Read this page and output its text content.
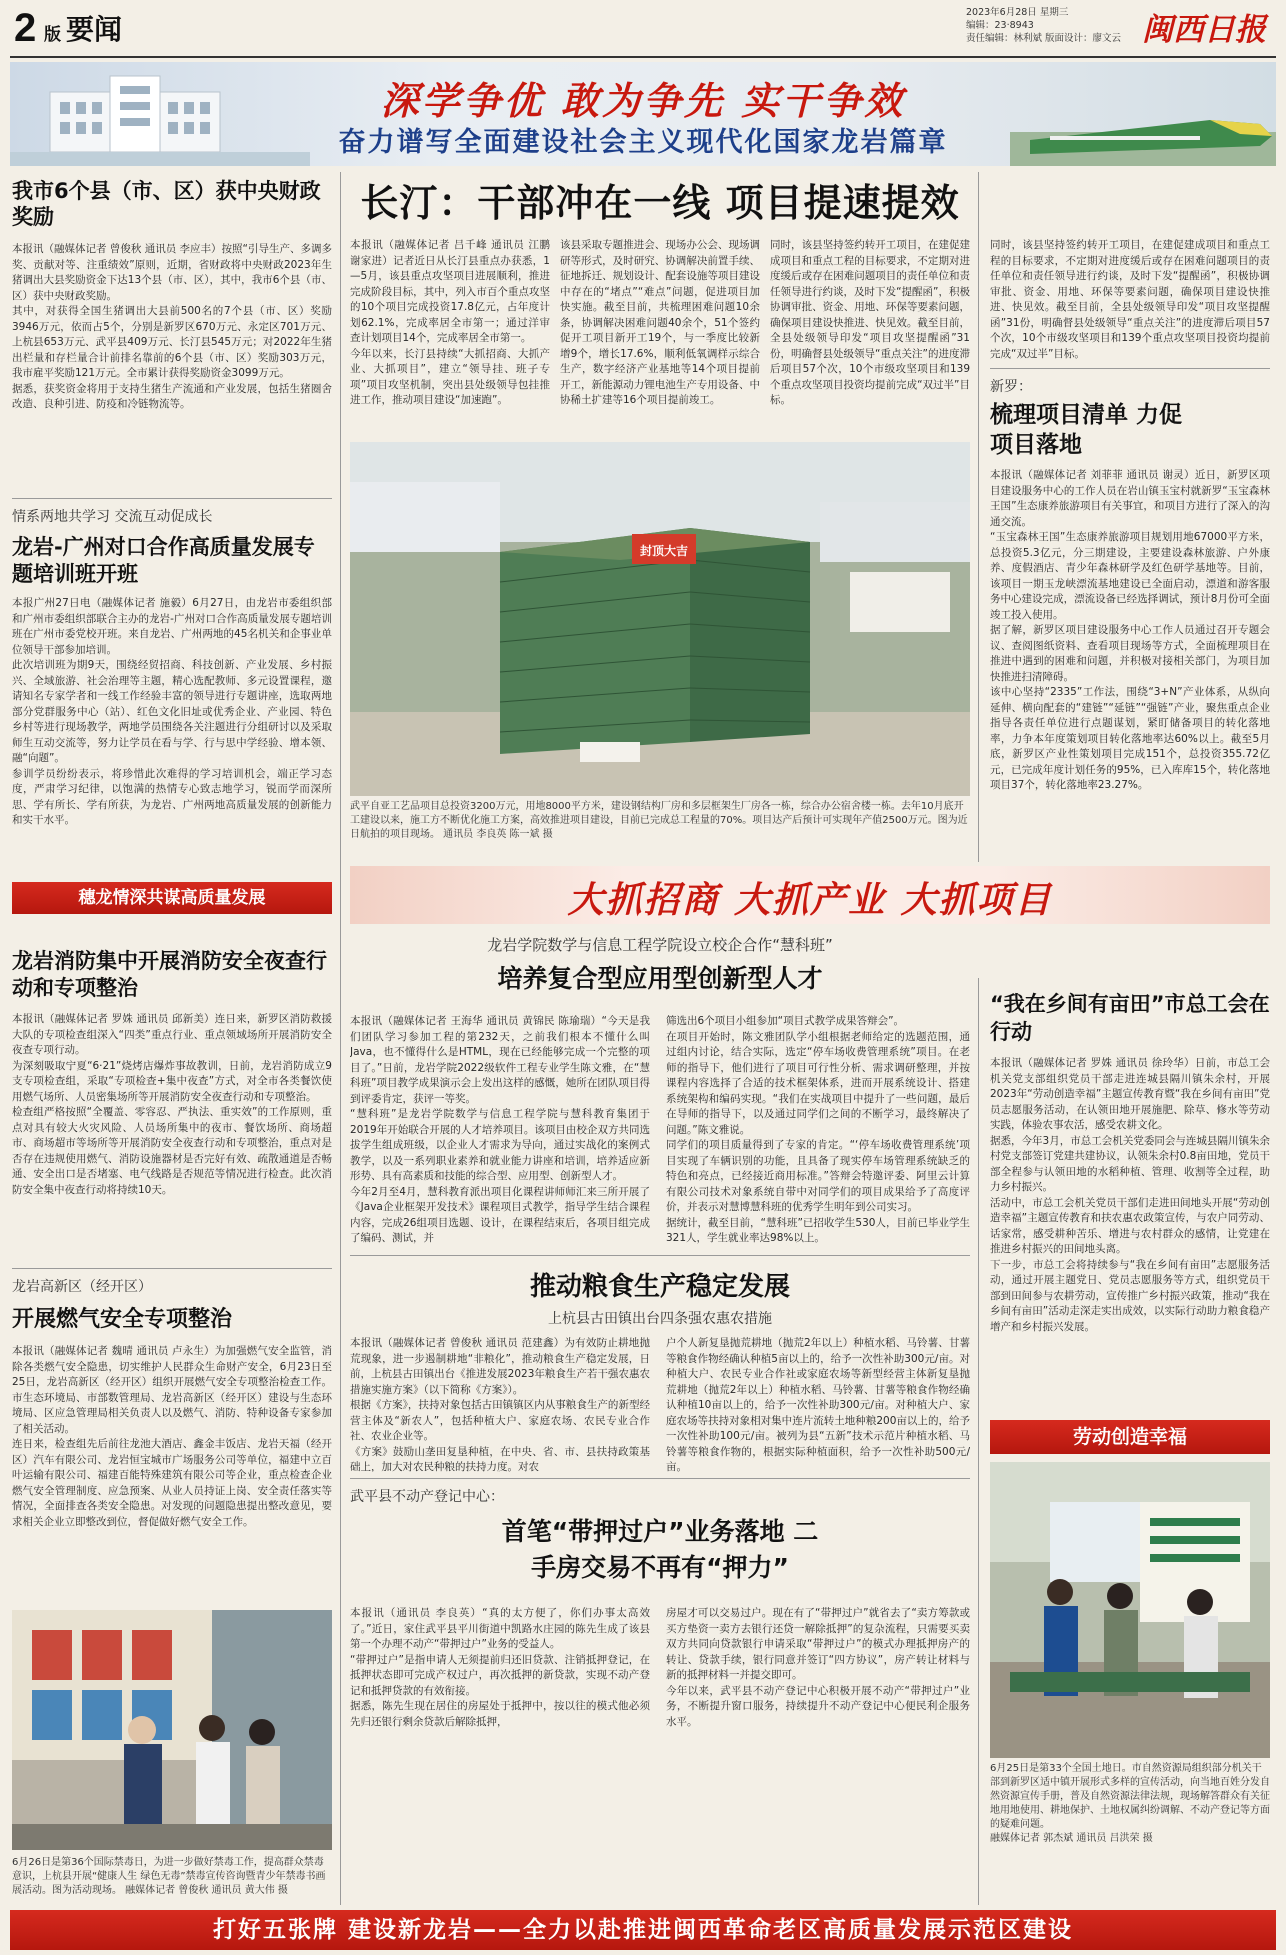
2 版 要闻
2023年6月28日 星期三
编辑：23·8943
责任编辑：林利斌 版面设计：廖文云 闽西日报
深学争优 敢为争先 实干争效
奋力谱写全面建设社会主义现代化国家龙岩篇章
我市6个县（市、区）获中央财政奖励
本报讯（融媒体记者 曾俊秋 通讯员 李应丰）按照“引导生产、多调多奖、贡献对等、注重绩效”原则，近期，省财政将中央财政2023年生猪调出大县奖励资金下达13个县（市、区），其中，我市6个县（市、区）获中央财政奖励。
其中，对获得全国生猪调出大县前500名的7个县（市、区）奖励3946万元，依而占5个，分别是新罗区670万元、永定区701万元、上杭县653万元、武平县409万元、长汀县545万元；对2022年生猪出栏量和存栏量合计前排名靠前的6个县（市、区）奖励303万元，我市雇平奖励121万元。全市累计获得奖励资金3099万元。
据悉，获奖资金将用于支持生猪生产流通和产业发展，包括生猪圈舍改造、良种引进、防疫和冷链物流等。
情系两地共学习 交流互动促成长
龙岩-广州对口合作高质量发展专题培训班开班
本报广州27日电（融媒体记者 施毅）6月27日，由龙岩市委组织部和广州市委组织部联合主办的龙岩-广州对口合作高质量发展专题培训班在广州市委党校开班。来自龙岩、广州两地的45名机关和企事业单位领导干部参加培训。
此次培训班为期9天，围绕经贸招商、科技创新、产业发展、乡村振兴、全域旅游、社会治理等主题，精心选配教师、多元设置课程，邀请知名专家学者和一线工作经验丰富的领导进行专题讲座，选取两地部分党群服务中心（站）、红色文化旧址或优秀企业、产业园、特色乡村等进行现场教学，两地学员围绕各关注题进行分组研讨以及采取师生互动交流等，努力让学员在看与学、行与思中学经验、增本领、融“向题”。
参训学员纷纷表示，将珍惜此次难得的学习培训机会，端正学习态度，严肃学习纪律，以饱满的热情专心致志地学习，锐而学而深所思、学有所长、学有所获，为龙岩、广州两地高质量发展的创新能力和实干水平。
穗龙情深共谋高质量发展
龙岩消防集中开展消防安全夜查行动和专项整治
本报讯（融媒体记者 罗姝 通讯员 邱新美）连日来，新罗区消防救援大队的专项检查组深入“四类”重点行业、重点领域场所开展消防安全夜查专项行动。
为深刻吸取宁夏“6·21”烧烤店爆炸事故教训，日前，龙岩消防成立9支专项检查组，采取“专项检查+集中夜查”方式，对全市各类餐饮使用燃气场所、人员密集场所等开展消防安全夜查行动和专项整治。
检查组严格按照“全覆盖、零容忍、严执法、重实效”的工作原则，重点对具有较大火灾风险、人员场所集中的夜市、餐饮场所、商场超市、商场超市等场所等开展消防安全夜查行动和专项整治，重点对是否存在违规使用燃气、消防设施器材是否完好有效、疏散通道是否畅通、安全出口是否堵塞、电气线路是否规范等情况进行检查。此次消防安全集中夜查行动将持续10天。
龙岩高新区（经开区）
开展燃气安全专项整治
本报讯（融媒体记者 魏晴 通讯员 卢永生）为加强燃气安全监管，消除各类燃气安全隐患，切实维护人民群众生命财产安全，6月23日至25日，龙岩高新区（经开区）组织开展燃气安全专项整治检查工作。市生态环境局、市部数管理局、龙岩高新区（经开区）建设与生态环境局、区应急管理局相关负责人以及燃气、消防、特种设备专家参加了相关活动。
连日来，检查组先后前往龙池大酒店、鑫金丰饭店、龙岩天福（经开区）汽车有限公司、龙岩恒宝城市广场服务公司等单位，福建中立百叶运输有限公司、福建百能特殊建筑有限公司等企业，重点检查企业燃气安全管理制度、应急预案、从业人员持证上岗、安全责任落实等情况，全面排查各类安全隐患。对发现的问题隐患提出整改意见，要求相关企业立即整改到位，督促做好燃气安全工作。
6月26日是第36个国际禁毒日，为进一步做好禁毒工作，提高群众禁毒意识，上杭县开展“健康人生 绿色无毒”禁毒宣传咨询暨青少年禁毒书画展活动。图为活动现场。 融媒体记者 曾俊秋 通讯员 黄大伟 摄
长汀：干部冲在一线 项目提速提效
本报讯（融媒体记者 吕千峰 通讯员 江鹏 谢家进）记者近日从长汀县重点办获悉，1—5月，该县重点攻坚项目进展顺利，推进完成阶段目标，其中，列入市百个重点攻坚的10个项目完成投资17.8亿元，占年度计划62.1%，完成率居全市第一；通过洋审查计划项目14个，完成率居全市第一。
今年以来，长汀县持续“大抓招商、大抓产业、大抓项目”，建立“领导挂、班子专项”项目攻坚机制，突出县处级领导包挂推进工作，推动项目建设“加速跑”。
该县采取专题推进会、现场办公会、现场调研等形式，及时研究、协调解决前置手续、征地拆迁、规划设计、配套设施等项目建设中存在的“堵点”“难点”问题，促进项目加快实施。截至目前，共梳理困难问题10余条，协调解决困难问题40余个，51个签约促开工项目新开工19个，与一季度比较新增9个，增长17.6%，顺利低氧调样示综合生产，数字经济产业基地等14个项目提前开工，新能源动力锂电池生产专用设备、中协稀土扩建等16个项目提前竣工。
同时，该县坚持签约转开工项目，在建促建成项目和重点工程的目标要求，不定期对进度缓后或存在困难问题项目的责任单位和责任领导进行约谈，及时下发“提醒函”，积极协调审批、资金、用地、环保等要素问题，确保项目建设快推进、快见效。截至目前，全县处级领导印发“项目攻坚提醒函”31份，明确督县处级领导“重点关注”的进度滞后项目57个次，10个市级攻坚项目和139个重点攻坚项目投资均提前完成“双过半”目标。
同时，该县坚持签约转开工项目，在建促建成项目和重点工程的目标要求，不定期对进度缓后或存在困难问题项目的责任单位和责任领导进行约谈，及时下发“提醒函”，积极协调审批、资金、用地、环保等要素问题，确保项目建设快推进、快见效。截至目前，全县处级领导印发“项目攻坚提醒函”31份，明确督县处级领导“重点关注”的进度滞后项目57个次，10个市级攻坚项目和139个重点攻坚项目投资均提前完成“双过半”目标。
封顶大吉
武平自亚工艺品项目总投资3200万元，用地8000平方米，建设钢结构厂房和多层框架生厂房各一栋，综合办公宿舍楼一栋。去年10月底开工建设以来，施工方不断优化施工方案，高效推进项目建设，目前已完成总工程量的70%。项目达产后预计可实现年产值2500万元。图为近日航拍的项目现场。 通讯员 李良英 陈一斌 摄
新罗：
梳理项目清单 力促项目落地
本报讯（融媒体记者 刘菲菲 通讯员 谢灵）近日，新罗区项目建设服务中心的工作人员在岩山镇玉宝村就新罗“玉宝森林王国”生态康养旅游项目有关事宜，和项目方进行了深入的沟通交流。
“玉宝森林王国”生态康养旅游项目规划用地67000平方米，总投资5.3亿元，分三期建设，主要建设森林旅游、户外康养、度假酒店、青少年森林研学及红色研学基地等。目前，该项目一期玉龙峡漂流基地建设已全面启动，漂道和游客服务中心建设完成，漂流设备已经选择调试，预计8月份可全面竣工投入使用。
据了解，新罗区项目建设服务中心工作人员通过召开专题会议、查阅图纸资料、查看项目现场等方式，全面梳理项目在推进中遇到的困难和问题，并积极对接相关部门，为项目加快推进扫清障碍。
该中心坚持“2335”工作法，围绕“3+N”产业体系，从纵向延伸、横向配套的“建链”“延链”“强链”产业，聚焦重点企业指导各责任单位进行点题谋划，紧盯储备项目的转化落地率，力争本年度策划项目转化落地率达60%以上。截至5月底，新罗区产业性策划项目完成151个，总投资355.72亿元，已完成年度计划任务的95%，已入库库15个，转化落地项目37个，转化落地率23.27%。
大抓招商 大抓产业 大抓项目
龙岩学院数学与信息工程学院设立校企合作“慧科班”
培养复合型应用型创新型人才
本报讯（融媒体记者 王海华 通讯员 黄锦民 陈瑜瑞）“今天是我们团队学习参加工程的第232天，之前我们根本不懂什么叫Java，也不懂得什么是HTML，现在已经能够完成一个完整的项目了。”日前，龙岩学院2022级软件工程专业学生陈文雅，在“慧科班”项目教学成果演示会上发出这样的感慨，她所在团队项目得到评委肯定，获评一等奖。
“慧科班”是龙岩学院数学与信息工程学院与慧科教育集团于2019年开始联合开展的人才培养项目。该项目由校企双方共同选拔学生组成班级，以企业人才需求为导向，通过实战化的案例式教学，以及一系列职业素养和就业能力讲座和培训，培养适应新形势、具有高素质和技能的综合型、应用型、创新型人才。
今年2月至4月，慧科教育派出项目化课程讲师师汇来三所开展了《Java企业框架开发技术》课程项目式教学，指导学生结合课程内容，完成26组项目选题、设计，在课程结束后，各项目组完成了编码、测试，并
筛选出6个项目小组参加“项目式教学成果答辩会”。
在项目开始时，陈文雅团队学小组根据老师给定的选题范围，通过组内讨论，结合实际，选定“停车场收费管理系统”项目。在老师的指导下，他们进行了项目可行性分析、需求调研整理，并按课程内容选择了合适的技术框架体系，进而开展系统设计、搭建系统架构和编码实现。“我们在实战项目中提升了一些问题，最后在导师的指导下，以及通过同学们之间的不断学习，最终解决了问题。”陈文雅说。
同学们的项目质量得到了专家的肯定。“‘停车场收费管理系统’项目实现了车辆识别的功能，且具备了现实停车场管理系统缺乏的特色和亮点，已经接近商用标准。”答辩会特邀评委、阿里云计算有限公司技术对象系统自带中对同学们的项目成果给予了高度评价，并表示对慧博慧科班的优秀学生明年到公司实习。
据统计，截至目前，“慧科班”已招收学生530人，目前已毕业学生321人，学生就业率达98%以上。
推动粮食生产稳定发展
上杭县古田镇出台四条强农惠农措施
本报讯（融媒体记者 曾俊秋 通讯员 范建鑫）为有效防止耕地抛荒现象，进一步遏制耕地“非粮化”，推动粮食生产稳定发展，日前，上杭县古田镇出台《推进发展2023年粮食生产若干强农惠农措施实施方案》（以下简称《方案》）。
根据《方案》，扶持对象包括古田镇镇区内从事粮食生产的新型经营主体及“新农人”，包括种植大户、家庭农场、农民专业合作社、农业企业等。
《方案》鼓励山垄田复垦种植，在中央、省、市、县扶持政策基础上，加大对农民种粮的扶持力度。对农
户个人新复垦抛荒耕地（抛荒2年以上）种植水稻、马铃薯、甘薯等粮食作物经确认种植5亩以上的，给予一次性补助300元/亩。对种植大户、农民专业合作社或家庭农场等新型经营主体新复垦抛荒耕地（抛荒2年以上）种植水稻、马铃薯、甘薯等粮食作物经确认种植10亩以上的，给予一次性补助300元/亩。对种植大户、家庭农场等扶持对象相对集中连片流转土地种粮200亩以上的，给予一次性补助100元/亩。被列为县“五新”技术示范片种植水稻、马铃薯等粮食作物的，根据实际种植面积，给予一次性补助500元/亩。
武平县不动产登记中心：
首笔“带押过户”业务落地 二手房交易不再有“押力”
本报讯（通讯员 李良英）“真的太方便了，你们办事太高效了。”近日，家住武平县平川街道中凯路水庄园的陈先生成了该县第一个办理不动产“带押过户”业务的受益人。
“带押过户”是指申请人无须提前归还旧贷款、注销抵押登记，在抵押状态即可完成产权过户，再次抵押的新贷款，实现不动产登记和抵押贷款的有效衔接。
据悉，陈先生现在居住的房屋处于抵押中，按以往的模式他必须先归还银行剩余贷款后解除抵押，
房屋才可以交易过户。现在有了“带押过户”就省去了“卖方筹款或买方垫资一卖方去银行还贷一解除抵押”的复杂流程，只需要买卖双方共同向贷款银行申请采取“带押过户”的模式办理抵押房产的转让、贷款手续，银行同意并签订“四方协议”，房产转让材料与新的抵押材料一并提交即可。
今年以来，武平县不动产登记中心积极开展不动产“带押过户”业务，不断提升窗口服务，持续提升不动产登记中心便民利企服务水平。
“我在乡间有亩田”市总工会在行动
本报讯（融媒体记者 罗姝 通讯员 徐玲华）日前，市总工会机关党支部组织党员干部走进连城县隔川镇朱余村，开展2023年“劳动创造幸福”主题宣传教育暨“我在乡间有亩田”党员志愿服务活动，在认领田地开展施肥、除草、修水等劳动实践，体验农事农活，感受农耕文化。
据悉，今年3月，市总工会机关党委同会与连城县隔川镇朱余村党支部签订党建共建协议，认领朱余村0.8亩田地，党员干部全程参与认领田地的水稻种植、管理、收割等全过程，助力乡村振兴。
活动中，市总工会机关党员干部们走进田间地头开展“劳动创造幸福”主题宣传教育和扶农惠农政策宣传，与农户同劳动、话家常，感受耕种苦乐、增进与农村群众的感情，让党建在推进乡村振兴的田间地头离。
下一步，市总工会将持续参与“我在乡间有亩田”志愿服务活动，通过开展主题党日、党员志愿服务等方式，组织党员干部到田间参与农耕劳动，宣传推广乡村振兴政策，推动“我在乡间有亩田”活动走深走实出成效，以实际行动助力粮食稳产增产和乡村振兴发展。
劳动创造幸福
6月25日是第33个全国土地日。市自然资源局组织部分机关干部到新罗区适中镇开展形式多样的宣传活动，向当地百姓分发自然资源宣传手册，普及自然资源法律法规，现场解答群众有关征地用地使用、耕地保护、土地权属纠纷调解、不动产登记等方面的疑难问题。
融媒体记者 郭杰斌 通讯员 吕洪荣 摄
打好五张牌 建设新龙岩——全力以赴推进闽西革命老区高质量发展示范区建设
